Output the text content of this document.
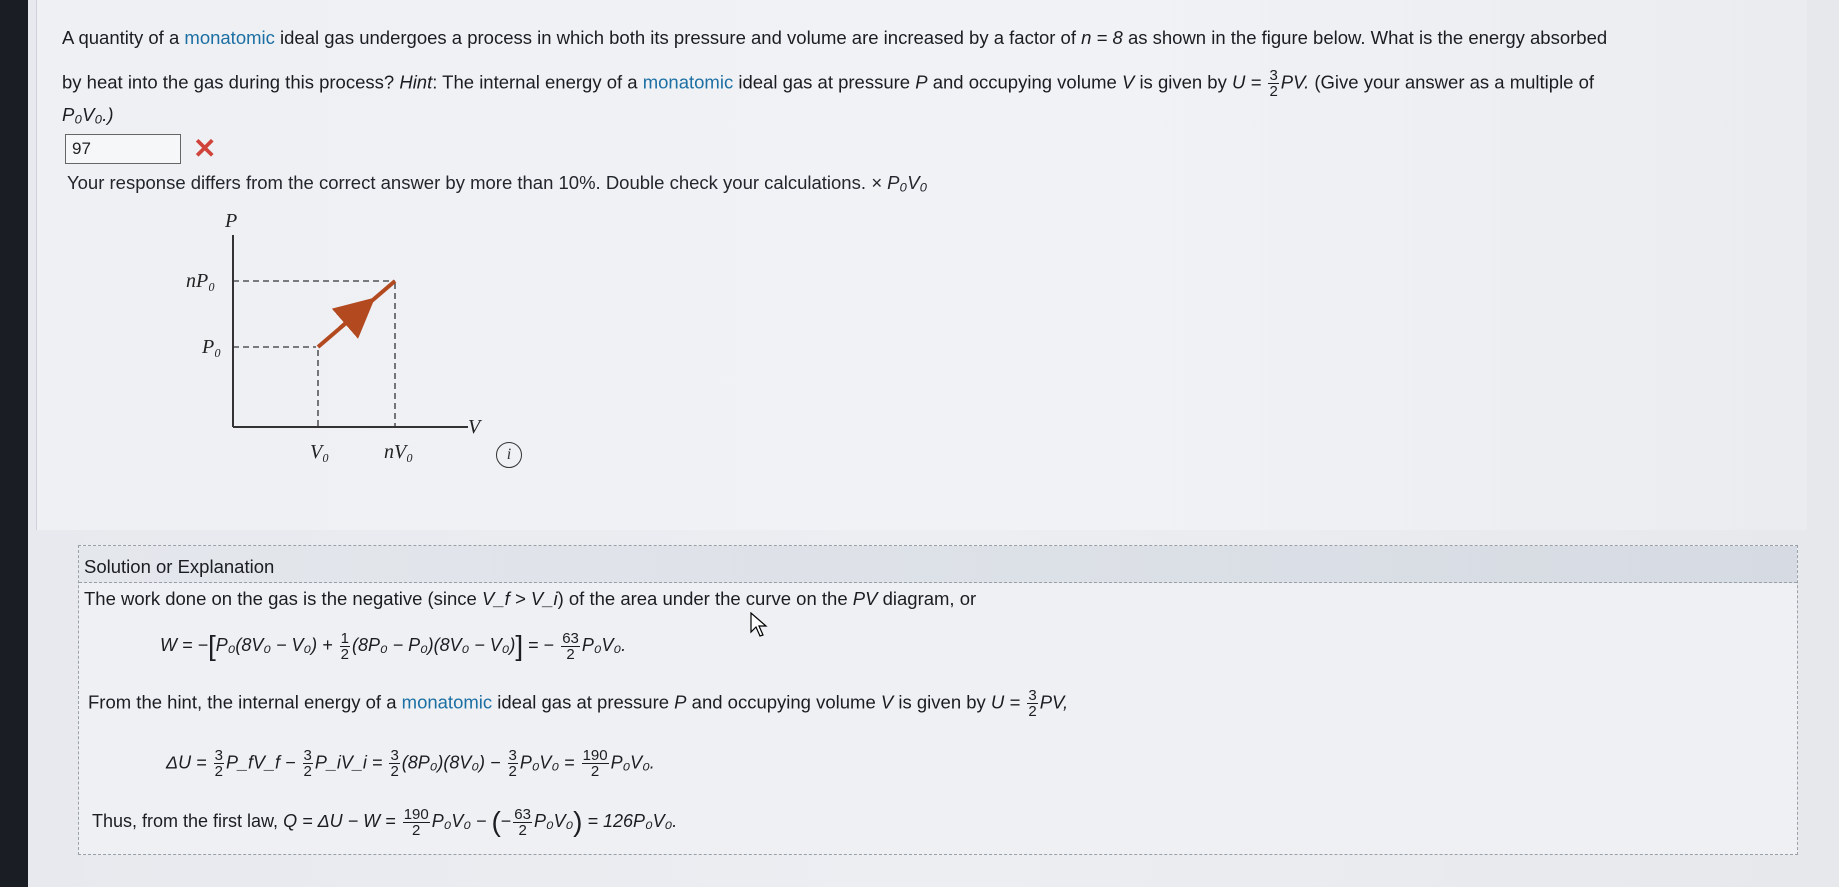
A quantity of a monatomic ideal gas undergoes a process in which both its pressure and volume are increased by a factor of n = 8 as shown in the figure below. What is the energy absorbed
by heat into the gas during this process? Hint: The internal energy of a monatomic ideal gas at pressure P and occupying volume V is given by $U = \frac{3}{2}$ PV. (Give your answer as a multiple of
P₀V₀.)
97
✕
Your response differs from the correct answer by more than 10%. Double check your calculations. × P₀V₀
P
V
nP₀
P₀
V₀	nV₀	i
Solution or Explanation
The work done on the gas is the negative (since V_f > V_i) of the area under the curve on the PV diagram, or
$W = -[P_0(8V_0 - V_0) + \frac{1}{2} (8P_0 - P_0)(8V_0 - V_0)]$ = − $\frac{63}{2} P_0V_0$.
From the hint, the internal energy of a monatomic ideal gas at pressure P and occupying volume V is given by $U = \frac{3}{2}$ PV,
$\Delta U = \frac{3}{2}$ P_fV_f − $\frac{3}{2}$ P_iV_i = $\frac{3}{2} (8P_0)(8V_0) - \frac{3}{2} P_0V_0 = \frac{190}{2} P_0V_0$.
Thus, from the first law, $Q = \Delta U - W = \frac{190}{2} P_0V_0$ − (− $\frac{63}{2} P_0V_0) = 126P_0V_0$.
